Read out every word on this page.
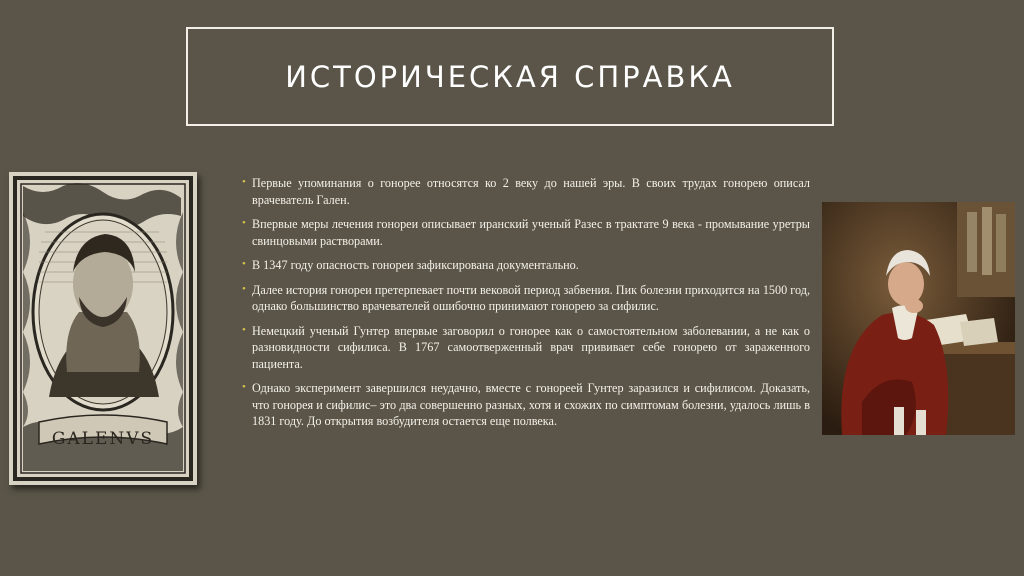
ИСТОРИЧЕСКАЯ СПРАВКА
GALENVS
• Первые упоминания о гонорее относятся ко 2 веку до нашей эры. В своих трудах гонорею описал врачеватель Гален.
• Впервые меры лечения гонореи описывает иранский ученый Разес в трактате 9 века - промывание уретры свинцовыми растворами.
• В 1347 году опасность гонореи зафиксирована документально.
• Далее история гонореи претерпевает почти вековой период забвения. Пик болезни приходится на 1500 год, однако большинство врачевателей ошибочно принимают гонорею за сифилис.
• Немецкий ученый Гунтер впервые заговорил о гонорее как о самостоятельном заболевании, а не как о разновидности сифилиса. В 1767 самоотверженный врач прививает себе гонорею от зараженного пациента.
• Однако эксперимент завершился неудачно, вместе с гонореей Гунтер заразился и сифилисом. Доказать, что гонорея и сифилис– это два совершенно разных, хотя и схожих по симптомам болезни, удалось лишь в 1831 году. До открытия возбудителя остается еще полвека.
